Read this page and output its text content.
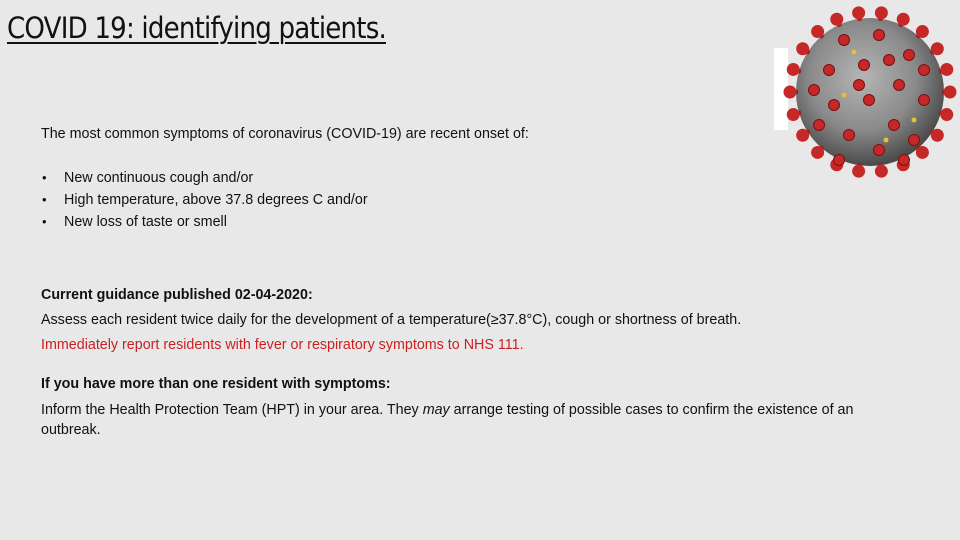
COVID 19: identifying patients.
The most common symptoms of coronavirus (COVID-19) are recent onset of:
• New continuous cough and/or
• High temperature, above 37.8 degrees C and/or
• New loss of taste or smell
Current guidance published 02-04-2020:
Assess each resident twice daily for the development of a temperature(≥37.8°C), cough or shortness of breath.
Immediately report residents with fever or respiratory symptoms to NHS 111.
If you have more than one resident with symptoms:
Inform the Health Protection Team (HPT) in your area. They may arrange testing of possible cases to confirm the existence of an outbreak.
